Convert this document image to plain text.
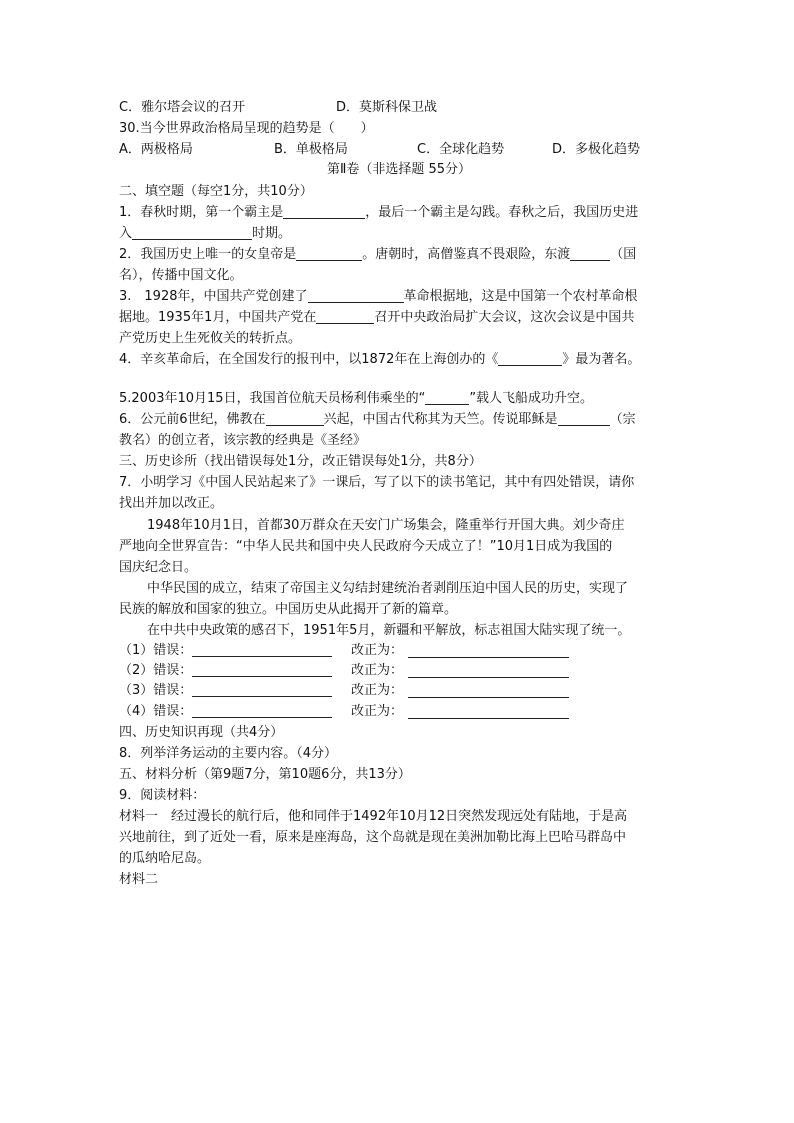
C．雅尔塔会议的召开	D．莫斯科保卫战
30.当今世界政治格局呈现的趋势是（　　）
A．两极格局	B．单极格局	C．全球化趋势	D．多极化趋势
第Ⅱ卷（非选择题 55分）
二、填空题（每空1分，共10分）
1．春秋时期，第一个霸主是	，最后一个霸主是勾践。春秋之后，我国历史进
入	时期。
2．我国历史上唯一的女皇帝是	。唐朝时，高僧鉴真不畏艰险，东渡	（国
名），传播中国文化。
3.　1928年，中国共产党创建了	革命根据地，这是中国第一个农村革命根
据地。1935年1月，中国共产党在	召开中央政治局扩大会议，这次会议是中国共
产党历史上生死攸关的转折点。
4．辛亥革命后，在全国发行的报刊中，以1872年在上海创办的《	》最为著名。
5.2003年10月15日，我国首位航天员杨利伟乘坐的“	”载人飞船成功升空。
6．公元前6世纪，佛教在	兴起，中国古代称其为天竺。传说耶稣是	（宗
教名）的创立者，该宗教的经典是《圣经》
三、历史诊所（找出错误每处1分，改正错误每处1分，共8分）
7．小明学习《中国人民站起来了》一课后，写了以下的读书笔记，其中有四处错误，请你
找出并加以改正。
1948年10月1日，首都30万群众在天安门广场集会，隆重举行开国大典。刘少奇庄
严地向全世界宣告：“中华人民共和国中央人民政府今天成立了！”10月1日成为我国的
国庆纪念日。
中华民国的成立，结束了帝国主义勾结封建统治者剥削压迫中国人民的历史，实现了
民族的解放和国家的独立。中国历史从此揭开了新的篇章。
在中共中央政策的感召下，1951年5月，新疆和平解放，标志祖国大陆实现了统一。
（1）错误：	改正为：
（2）错误：	改正为：
（3）错误：	改正为：
（4）错误：	改正为：
四、历史知识再现（共4分）
8．列举洋务运动的主要内容。（4分）
五、材料分析（第9题7分，第10题6分，共13分）
9．阅读材料：
材料一　经过漫长的航行后，他和同伴于1492年10月12日突然发现远处有陆地，于是高
兴地前往，到了近处一看，原来是座海岛，这个岛就是现在美洲加勒比海上巴哈马群岛中
的瓜纳哈尼岛。
材料二
